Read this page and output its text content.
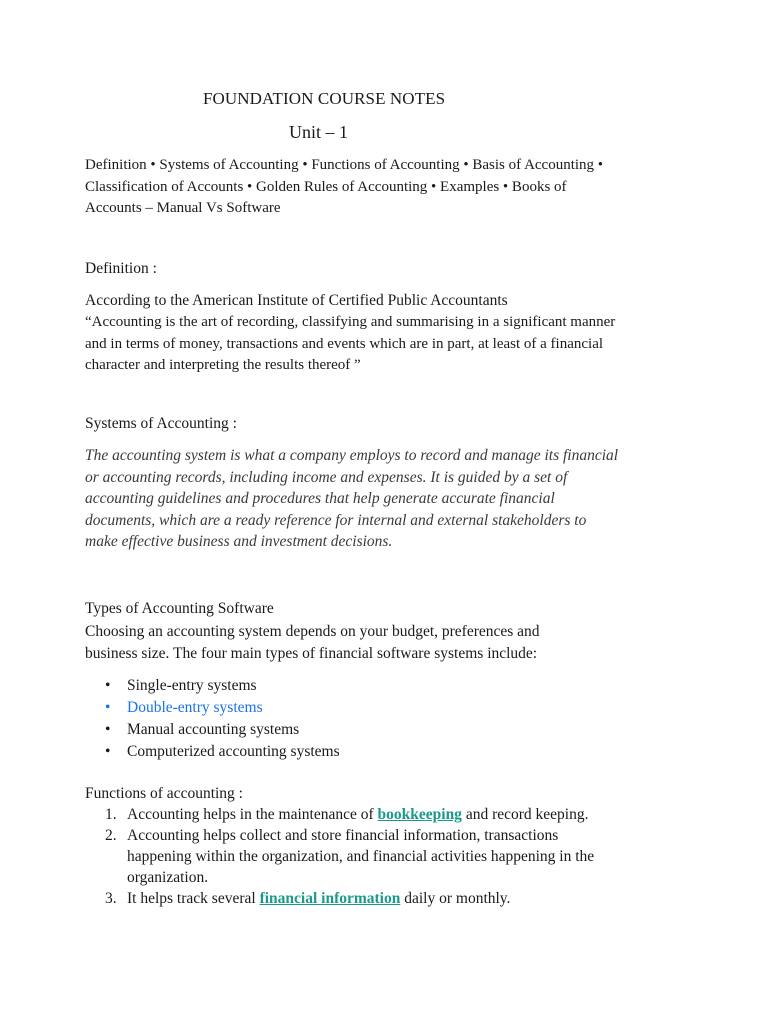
FOUNDATION COURSE NOTES
Unit – 1

Definition • Systems of Accounting • Functions of Accounting • Basis of Accounting • Classification of Accounts • Golden Rules of Accounting • Examples • Books of Accounts – Manual Vs Software

Definition :

According to the American Institute of Certified Public Accountants

“Accounting is the art of recording, classifying and summarising in a significant manner and in terms of money, transactions and events which are in part, at least of a financial character and interpreting the results thereof ”

Systems of Accounting :

The accounting system is what a company employs to record and manage its financial or accounting records, including income and expenses. It is guided by a set of accounting guidelines and procedures that help generate accurate financial documents, which are a ready reference for internal and external stakeholders to make effective business and investment decisions.

Types of Accounting Software

Choosing an accounting system depends on your budget, preferences and business size. The four main types of financial software systems include:

• Single-entry systems
• Double-entry systems
• Manual accounting systems
• Computerized accounting systems
Functions of accounting :
1. Accounting helps in the maintenance of bookkeeping and record keeping.
2. Accounting helps collect and store financial information, transactions happening within the organization, and financial activities happening in the organization.
3. It helps track several financial information daily or monthly.
